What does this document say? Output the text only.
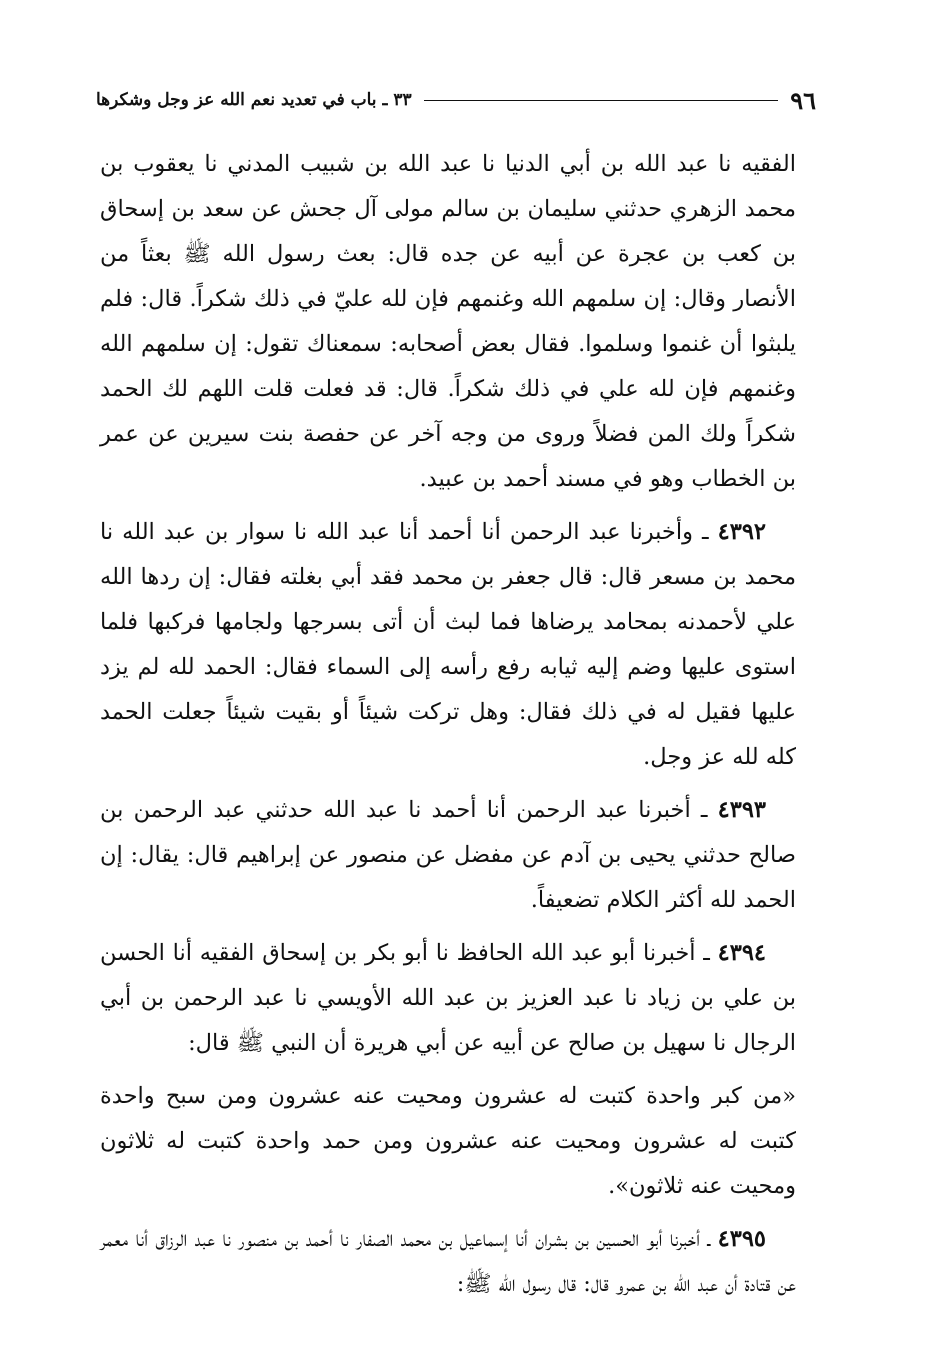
٩٦
٣٣ ـ باب في تعديد نعم الله عز وجل وشكرها

الفقيه نا عبد الله بن أبي الدنيا نا عبد الله بن شبيب المدني نا يعقوب بن محمد الزهري حدثني سليمان بن سالم مولى آل جحش عن سعد بن إسحاق بن كعب بن عجرة عن أبيه عن جده قال: بعث رسول الله ﷺ بعثاً من الأنصار وقال: إن سلمهم الله وغنمهم فإن لله عليّ في ذلك شكراً. قال: فلم يلبثوا أن غنموا وسلموا. فقال بعض أصحابه: سمعناك تقول: إن سلمهم الله وغنمهم فإن لله علي في ذلك شكراً. قال: قد فعلت قلت اللهم لك الحمد شكراً ولك المن فضلاً وروى من وجه آخر عن حفصة بنت سيرين عن عمر بن الخطاب وهو في مسند أحمد بن عبيد.

٤٣٩٢ ـ وأخبرنا عبد الرحمن أنا أحمد أنا عبد الله نا سوار بن عبد الله نا محمد بن مسعر قال: قال جعفر بن محمد فقد أبي بغلته فقال: إن ردها الله علي لأحمدنه بمحامد يرضاها فما لبث أن أتى بسرجها ولجامها فركبها فلما استوى عليها وضم إليه ثيابه رفع رأسه إلى السماء فقال: الحمد لله لم يزد عليها فقيل له في ذلك فقال: وهل تركت شيئاً أو بقيت شيئاً جعلت الحمد كله لله عز وجل.

٤٣٩٣ ـ أخبرنا عبد الرحمن أنا أحمد نا عبد الله حدثني عبد الرحمن بن صالح حدثني يحيى بن آدم عن مفضل عن منصور عن إبراهيم قال: يقال: إن الحمد لله أكثر الكلام تضعيفاً.

٤٣٩٤ ـ أخبرنا أبو عبد الله الحافظ نا أبو بكر بن إسحاق الفقيه أنا الحسن بن علي بن زياد نا عبد العزيز بن عبد الله الأويسي نا عبد الرحمن بن أبي الرجال نا سهيل بن صالح عن أبيه عن أبي هريرة أن النبي ﷺ قال:

«من كبر واحدة كتبت له عشرون ومحيت عنه عشرون ومن سبح واحدة كتبت له عشرون ومحيت عنه عشرون ومن حمد واحدة كتبت له ثلاثون ومحيت عنه ثلاثون».

٤٣٩٥ ـ أخبرنا أبو الحسين بن بشران أنا إسماعيل بن محمد الصفار نا أحمد بن منصور نا عبد الرزاق أنا معمر عن قتادة أن عبد الله بن عمرو قال: قال رسول الله ﷺ:
